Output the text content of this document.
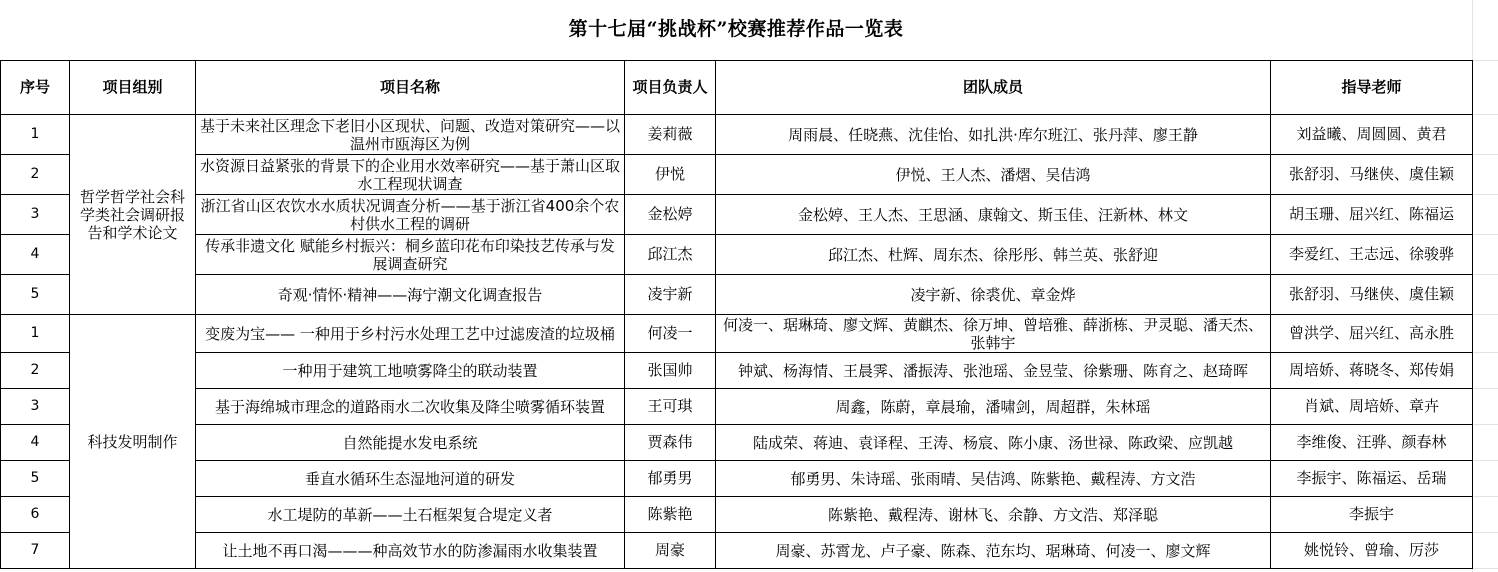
第十七届“挑战杯”校赛推荐作品一览表
序号	项目组别	项目名称	项目负责人	团队成员	指导老师
1	哲学哲学社会科学类社会调研报告和学术论文	基于未来社区理念下老旧小区现状、问题、改造对策研究——以温州市瓯海区为例	姜莉薇	周雨晨、任晓燕、沈佳怡、如扎洪·库尔班江、张丹萍、廖王静	刘益曦、周圆圆、黄君
2		水资源日益紧张的背景下的企业用水效率研究——基于萧山区取水工程现状调查	伊悦	伊悦、王人杰、潘熠、吴佶鸿	张舒羽、马继侠、虞佳颖
3		浙江省山区农饮水水质状况调查分析——基于浙江省400余个农村供水工程的调研	金松婷	金松婷、王人杰、王思涵、康翰文、斯玉佳、汪新林、林文	胡玉珊、屈兴红、陈福运
4		传承非遗文化 赋能乡村振兴：桐乡蓝印花布印染技艺传承与发展调查研究	邱江杰	邱江杰、杜辉、周东杰、徐彤彤、韩兰英、张舒迎	李爱红、王志远、徐骏骅
5		奇观·情怀·精神——海宁潮文化调查报告	凌宇新	凌宇新、徐裘优、章金烨	张舒羽、马继侠、虞佳颖
1	科技发明制作	变废为宝—— 一种用于乡村污水处理工艺中过滤废渣的垃圾桶	何凌一	何凌一、琚琳琦、廖文辉、黄麒杰、徐万坤、曾培雅、薛浙栋、尹灵聪、潘天杰、张韩宇	曾洪学、屈兴红、高永胜
2		一种用于建筑工地喷雾降尘的联动装置	张国帅	钟斌、杨海情、王晨霁、潘振涛、张池瑶、金昱莹、徐紫珊、陈育之、赵琦晖	周培娇、蒋晓冬、郑传娟
3		基于海绵城市理念的道路雨水二次收集及降尘喷雾循环装置	王可琪	周鑫，陈蔚，章晨瑜，潘啸剑，周超群，朱林瑶	肖斌、周培娇、章卉
4		自然能提水发电系统	贾森伟	陆成荣、蒋迪、袁译程、王涛、杨宸、陈小康、汤世禄、陈政梁、应凯越	李维俊、汪骅、颜春林
5		垂直水循环生态湿地河道的研发	郁勇男	郁勇男、朱诗瑶、张雨晴、吴佶鸿、陈紫艳、戴程涛、方文浩	李振宇、陈福运、岳瑞
6		水工堤防的革新——土石框架复合堤定义者	陈紫艳	陈紫艳、戴程涛、谢林飞、余静、方文浩、郑泽聪	李振宇
7		让土地不再口渴———种高效节水的防渗漏雨水收集装置	周豪	周豪、苏霄龙、卢子豪、陈森、范东均、琚琳琦、何凌一、廖文辉	姚悦铃、曾瑜、厉莎
